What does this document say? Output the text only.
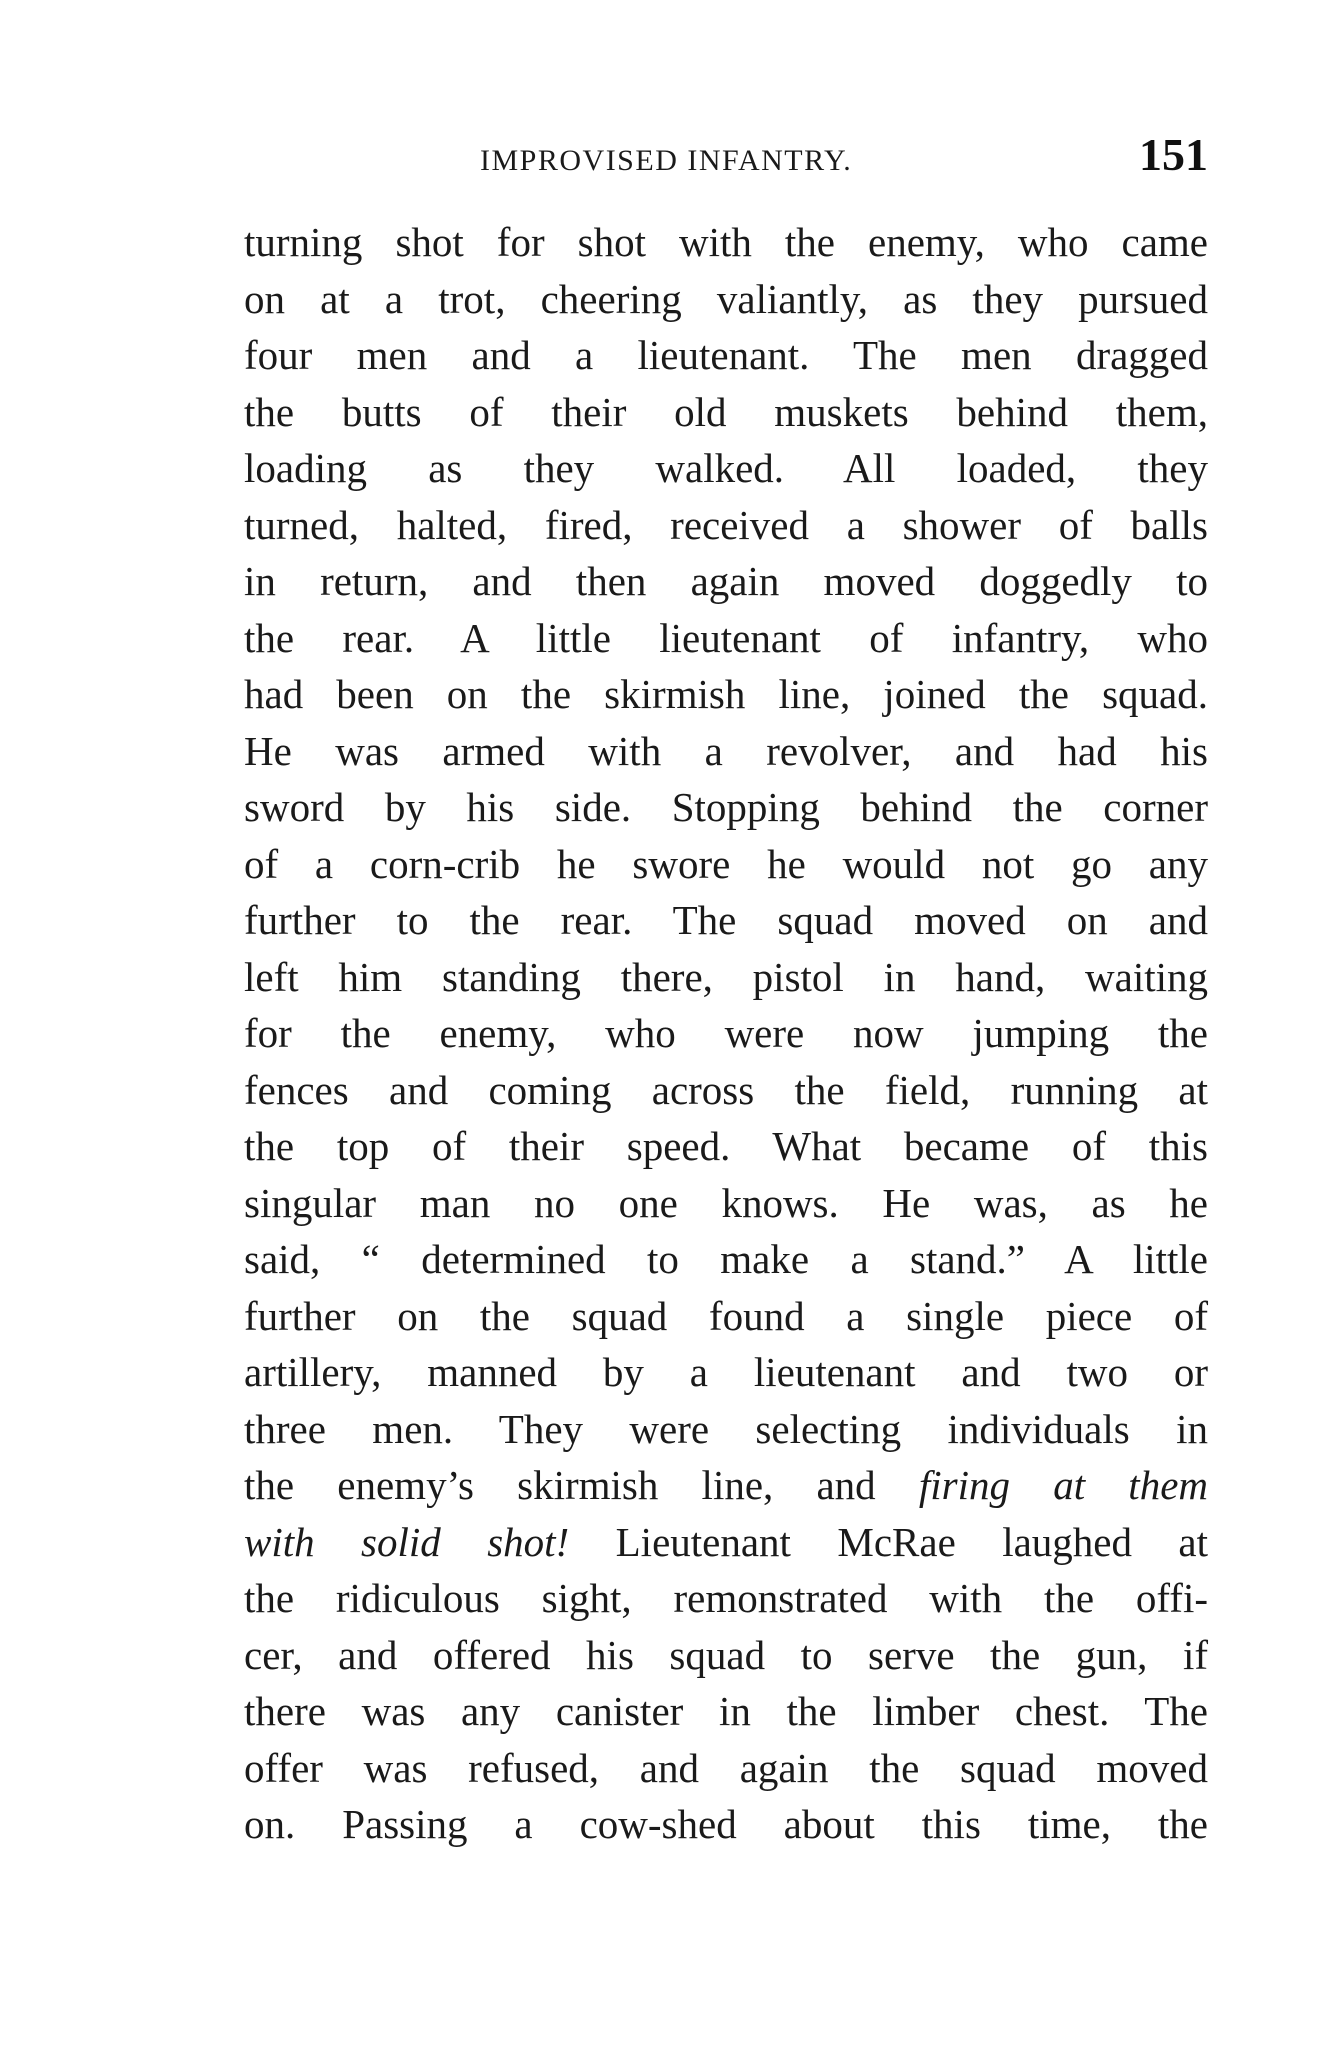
IMPROVISED INFANTRY.	151
turning shot for shot with the enemy, who came
on at a trot, cheering valiantly, as they pursued
four men and a lieutenant. The men dragged
the butts of their old muskets behind them,
loading as they walked. All loaded, they
turned, halted, fired, received a shower of balls
in return, and then again moved doggedly to
the rear. A little lieutenant of infantry, who
had been on the skirmish line, joined the squad.
He was armed with a revolver, and had his
sword by his side. Stopping behind the corner
of a corn-crib he swore he would not go any
further to the rear. The squad moved on and
left him standing there, pistol in hand, waiting
for the enemy, who were now jumping the
fences and coming across the field, running at
the top of their speed. What became of this
singular man no one knows. He was, as he
said, “ determined to make a stand.” A little
further on the squad found a single piece of
artillery, manned by a lieutenant and two or
three men. They were selecting individuals in
the enemy’s skirmish line, and firing at them
with solid shot! Lieutenant McRae laughed at
the ridiculous sight, remonstrated with the offi-
cer, and offered his squad to serve the gun, if
there was any canister in the limber chest. The
offer was refused, and again the squad moved
on. Passing a cow-shed about this time, the
